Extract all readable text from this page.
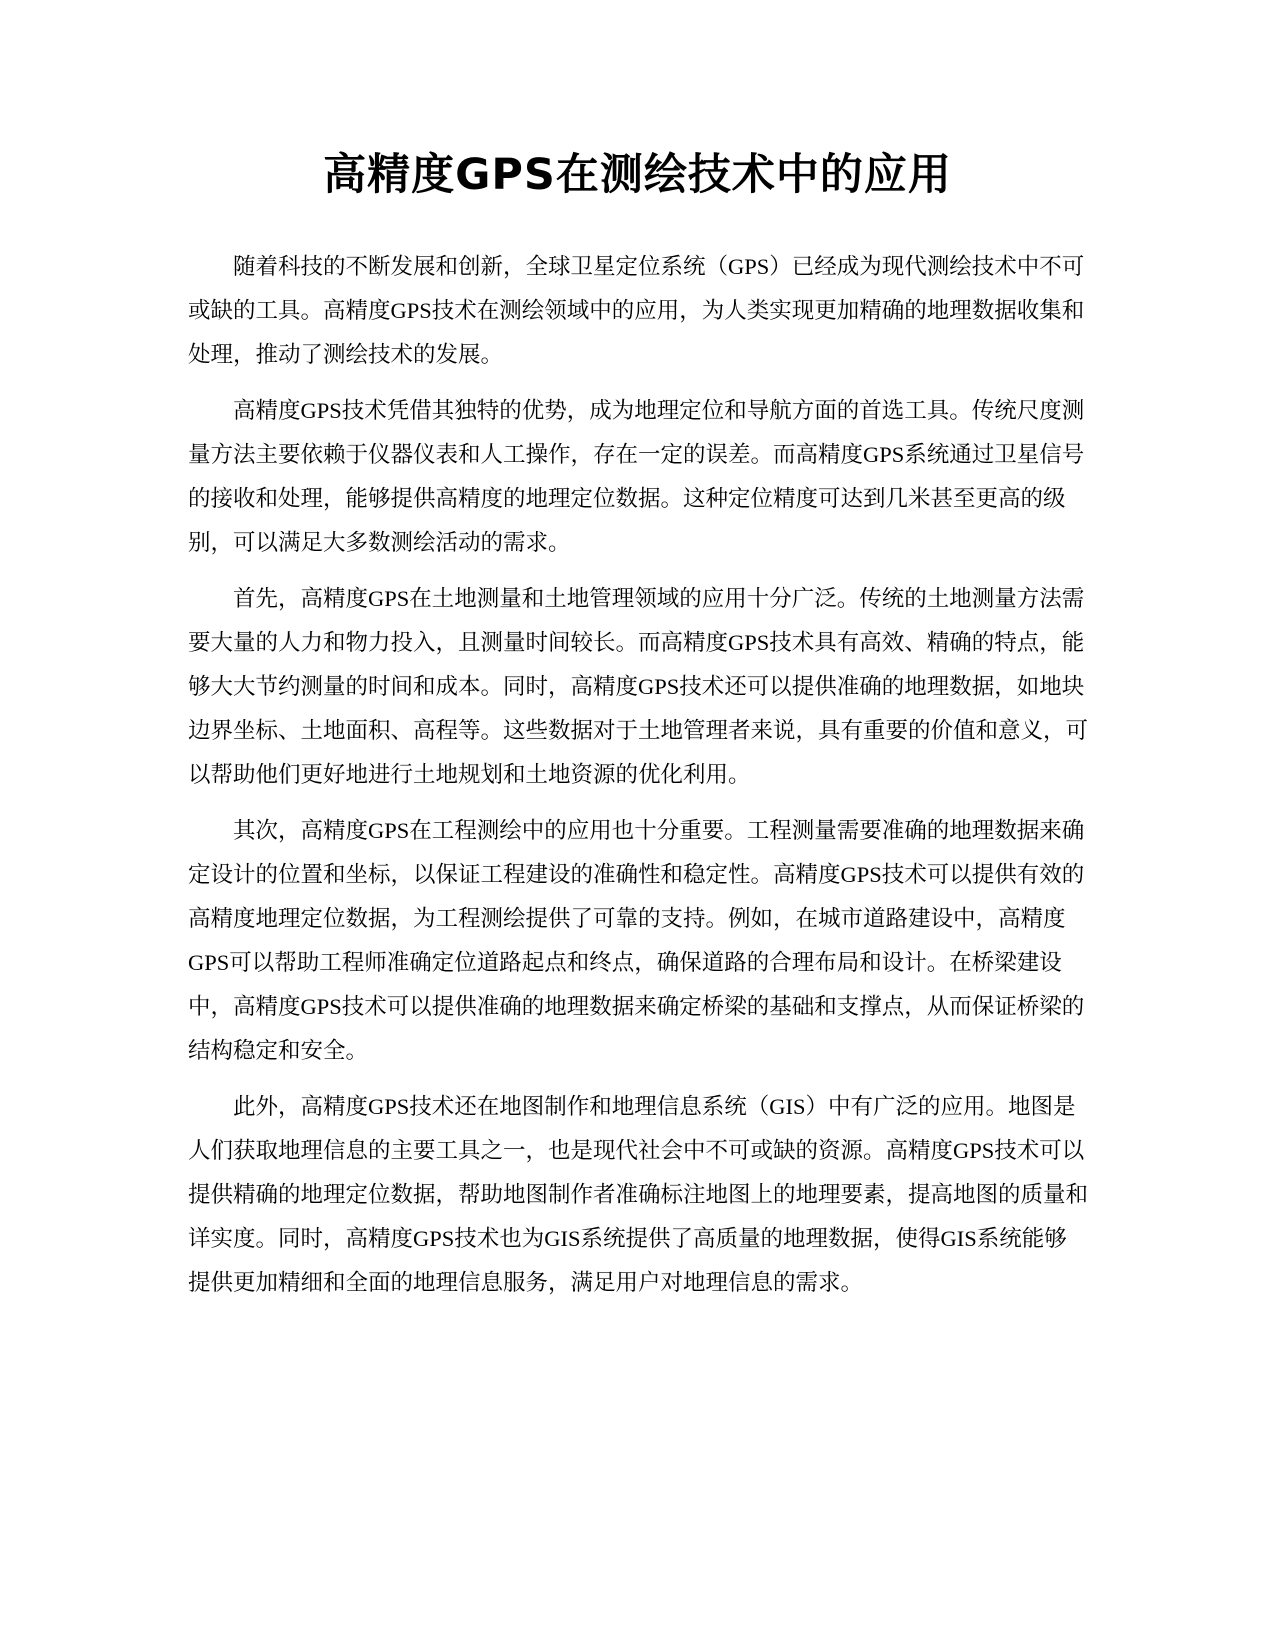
高精度GPS在测绘技术中的应用

随着科技的不断发展和创新，全球卫星定位系统（GPS）已经成为现代测绘技术中不可或缺的工具。高精度GPS技术在测绘领域中的应用，为人类实现更加精确的地理数据收集和处理，推动了测绘技术的发展。

高精度GPS技术凭借其独特的优势，成为地理定位和导航方面的首选工具。传统尺度测量方法主要依赖于仪器仪表和人工操作，存在一定的误差。而高精度GPS系统通过卫星信号的接收和处理，能够提供高精度的地理定位数据。这种定位精度可达到几米甚至更高的级别，可以满足大多数测绘活动的需求。

首先，高精度GPS在土地测量和土地管理领域的应用十分广泛。传统的土地测量方法需要大量的人力和物力投入，且测量时间较长。而高精度GPS技术具有高效、精确的特点，能够大大节约测量的时间和成本。同时，高精度GPS技术还可以提供准确的地理数据，如地块边界坐标、土地面积、高程等。这些数据对于土地管理者来说，具有重要的价值和意义，可以帮助他们更好地进行土地规划和土地资源的优化利用。

其次，高精度GPS在工程测绘中的应用也十分重要。工程测量需要准确的地理数据来确定设计的位置和坐标，以保证工程建设的准确性和稳定性。高精度GPS技术可以提供有效的高精度地理定位数据，为工程测绘提供了可靠的支持。例如，在城市道路建设中，高精度GPS可以帮助工程师准确定位道路起点和终点，确保道路的合理布局和设计。在桥梁建设中，高精度GPS技术可以提供准确的地理数据来确定桥梁的基础和支撑点，从而保证桥梁的结构稳定和安全。

此外，高精度GPS技术还在地图制作和地理信息系统（GIS）中有广泛的应用。地图是人们获取地理信息的主要工具之一，也是现代社会中不可或缺的资源。高精度GPS技术可以提供精确的地理定位数据，帮助地图制作者准确标注地图上的地理要素，提高地图的质量和详实度。同时，高精度GPS技术也为GIS系统提供了高质量的地理数据，使得GIS系统能够提供更加精细和全面的地理信息服务，满足用户对地理信息的需求。
